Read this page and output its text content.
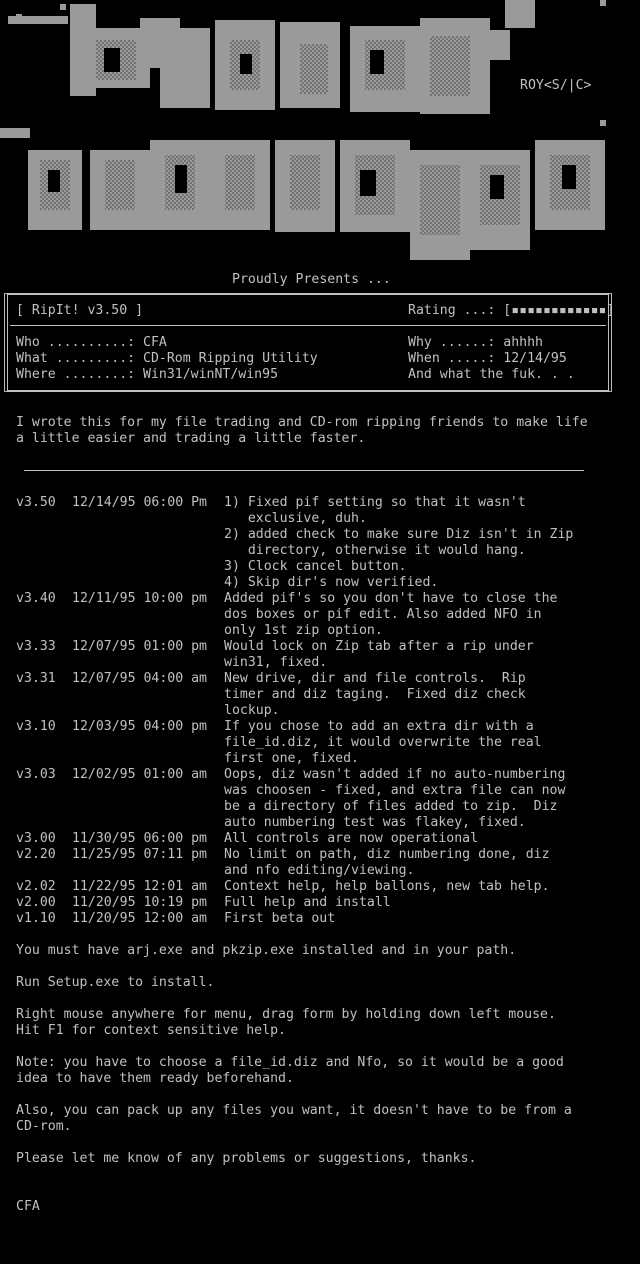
ROY<S/|C>
Proudly Presents ...
[ RipIt! v3.50 ]	Rating ...: [▪▪▪▪▪▪▪▪▪▪▪▪]
Who ..........: CFA
What .........: CD-Rom Ripping Utility
Where ........: Win31/winNT/win95
Why ......: ahhhh
When .....: 12/14/95
And what the fuk. . .
I wrote this for my file trading and CD-rom ripping friends to make life
a little easier and trading a little faster.
v3.50 12/14/95 06:00 Pm 1) Fixed pif setting so that it wasn't
exclusive, duh.
2) added check to make sure Diz isn't in Zip
directory, otherwise it would hang.
3) Clock cancel button.
4) Skip dir's now verified.
v3.40 12/11/95 10:00 pm Added pif's so you don't have to close the
dos boxes or pif edit. Also added NFO in
only 1st zip option.
v3.33 12/07/95 01:00 pm Would lock on Zip tab after a rip under
win31, fixed.
v3.31 12/07/95 04:00 am New drive, dir and file controls.  Rip
timer and diz taging.  Fixed diz check
lockup.
v3.10 12/03/95 04:00 pm If you chose to add an extra dir with a
file_id.diz, it would overwrite the real
first one, fixed.
v3.03 12/02/95 01:00 am Oops, diz wasn't added if no auto-numbering
was choosen - fixed, and extra file can now
be a directory of files added to zip.  Diz
auto numbering test was flakey, fixed.
v3.00 11/30/95 06:00 pm All controls are now operational
v2.20 11/25/95 07:11 pm No limit on path, diz numbering done, diz
and nfo editing/viewing.
v2.02 11/22/95 12:01 am Context help, help ballons, new tab help.
v2.00 11/20/95 10:19 pm Full help and install
v1.10 11/20/95 12:00 am First beta out
You must have arj.exe and pkzip.exe installed and in your path.
Run Setup.exe to install.
Right mouse anywhere for menu, drag form by holding down left mouse.
Hit F1 for context sensitive help.
Note: you have to choose a file_id.diz and Nfo, so it would be a good
idea to have them ready beforehand.
Also, you can pack up any files you want, it doesn't have to be from a
CD-rom.
Please let me know of any problems or suggestions, thanks.
CFA
